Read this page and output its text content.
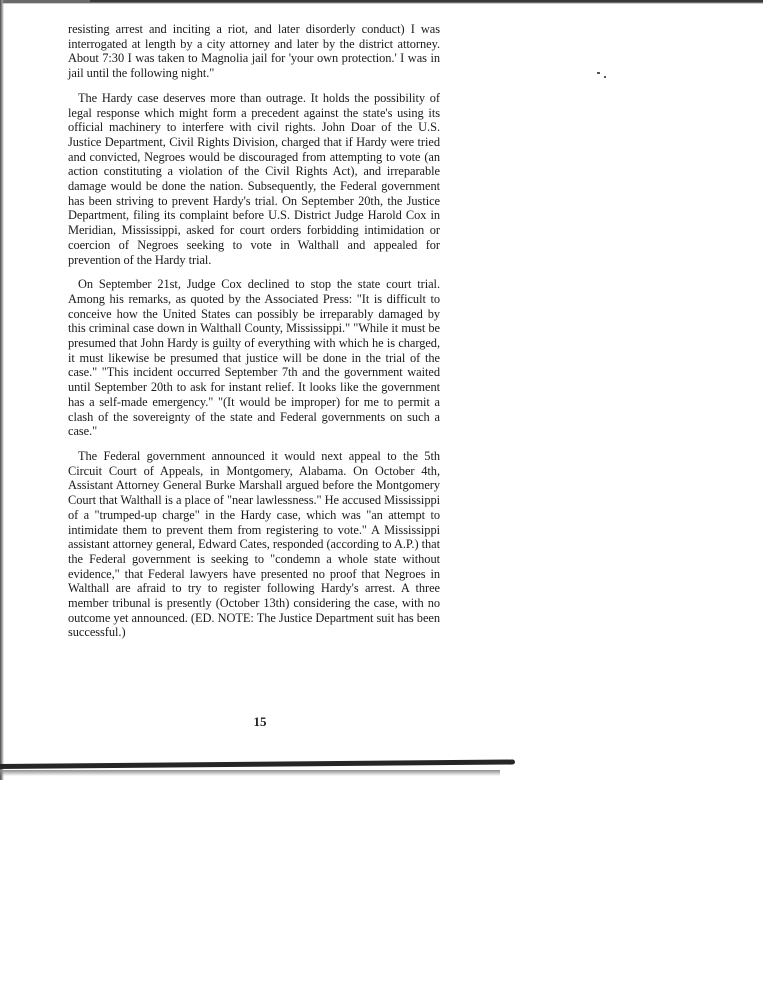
resisting arrest and inciting a riot, and later disorderly conduct) I was interrogated at length by a city attorney and later by the district attorney. About 7:30 I was taken to Magnolia jail for 'your own protection.' I was in jail until the following night."

The Hardy case deserves more than outrage. It holds the possibility of legal response which might form a precedent against the state's using its official machinery to interfere with civil rights. John Doar of the U.S. Justice Department, Civil Rights Division, charged that if Hardy were tried and convicted, Negroes would be discouraged from attempting to vote (an action constituting a violation of the Civil Rights Act), and irreparable damage would be done the nation. Subsequently, the Federal government has been striving to prevent Hardy's trial. On September 20th, the Justice Department, filing its complaint before U.S. District Judge Harold Cox in Meridian, Mississippi, asked for court orders forbidding intimidation or coercion of Negroes seeking to vote in Walthall and appealed for prevention of the Hardy trial.

On September 21st, Judge Cox declined to stop the state court trial. Among his remarks, as quoted by the Associated Press: "It is difficult to conceive how the United States can possibly be irreparably damaged by this criminal case down in Walthall County, Mississippi." "While it must be presumed that John Hardy is guilty of everything with which he is charged, it must likewise be presumed that justice will be done in the trial of the case." "This incident occurred September 7th and the government waited until September 20th to ask for instant relief. It looks like the government has a self-made emergency." "(It would be improper) for me to permit a clash of the sovereignty of the state and Federal governments on such a case."

The Federal government announced it would next appeal to the 5th Circuit Court of Appeals, in Montgomery, Alabama. On October 4th, Assistant Attorney General Burke Marshall argued before the Montgomery Court that Walthall is a place of "near lawlessness." He accused Mississippi of a "trumped-up charge" in the Hardy case, which was "an attempt to intimidate them to prevent them from registering to vote." A Mississippi assistant attorney general, Edward Cates, responded (according to A.P.) that the Federal government is seeking to "condemn a whole state without evidence," that Federal lawyers have presented no proof that Negroes in Walthall are afraid to try to register following Hardy's arrest. A three member tribunal is presently (October 13th) considering the case, with no outcome yet announced. (ED. NOTE: The Justice Department suit has been successful.)

15
